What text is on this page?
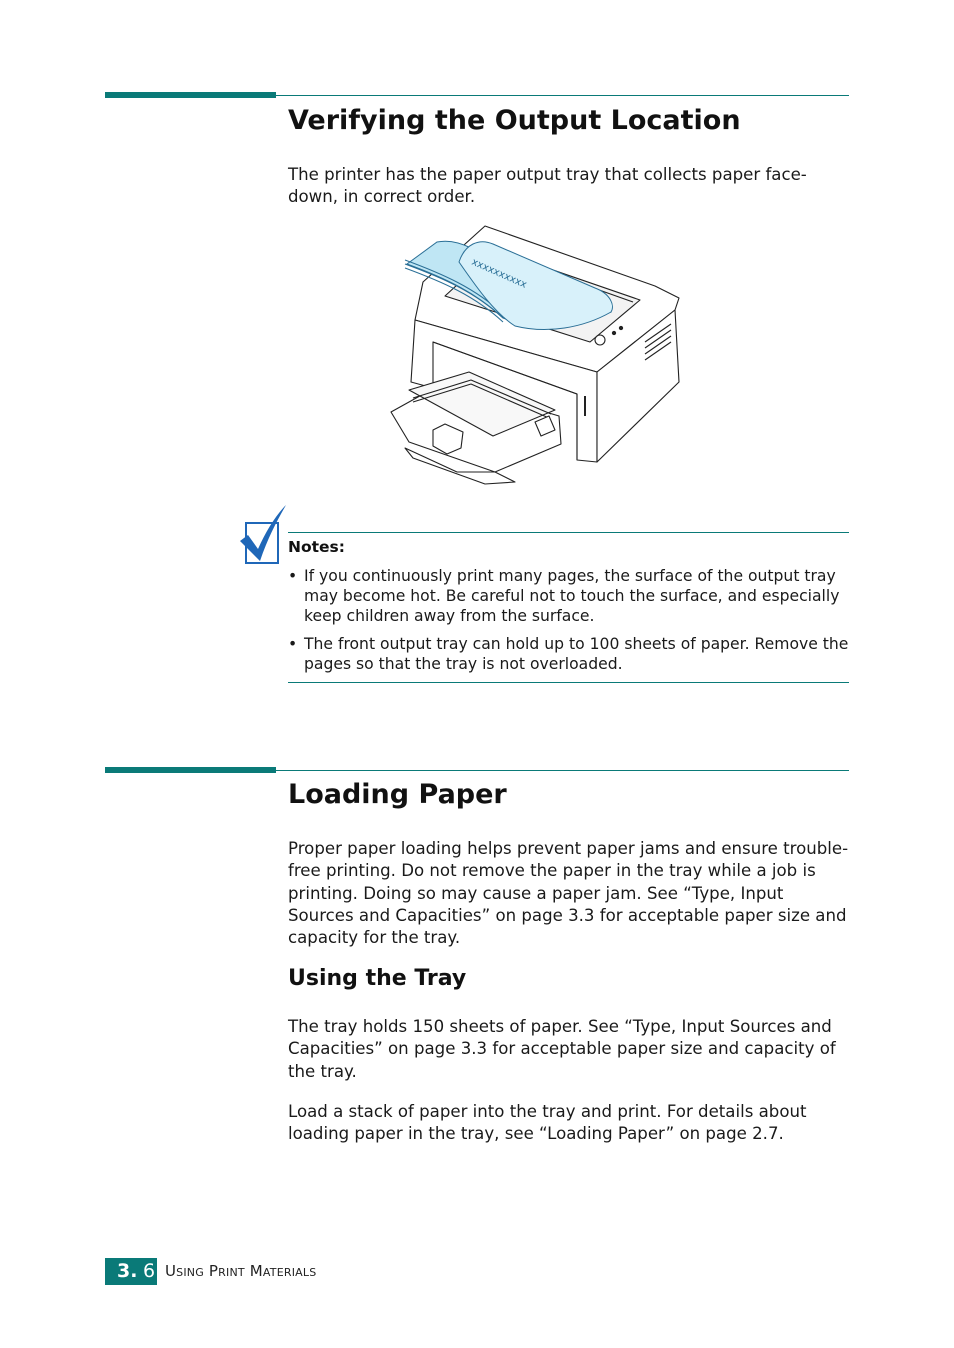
Verifying the Output Location

The printer has the paper output tray that collects paper face-down, in correct order.

xxxxxxxxxx

Notes:

• If you continuously print many pages, the surface of the output tray may become hot. Be careful not to touch the surface, and especially keep children away from the surface.
• The front output tray can hold up to 100 sheets of paper. Remove the pages so that the tray is not overloaded.
Loading Paper

Proper paper loading helps prevent paper jams and ensure trouble-free printing. Do not remove the paper in the tray while a job is printing. Doing so may cause a paper jam. See “Type, Input Sources and Capacities” on page 3.3 for acceptable paper size and capacity for the tray.

Using the Tray

The tray holds 150 sheets of paper. See “Type, Input Sources and Capacities” on page 3.3 for acceptable paper size and capacity of the tray.

Load a stack of paper into the tray and print. For details about loading paper in the tray, see “Loading Paper” on page 2.7.

3. 6 Using Print Materials
